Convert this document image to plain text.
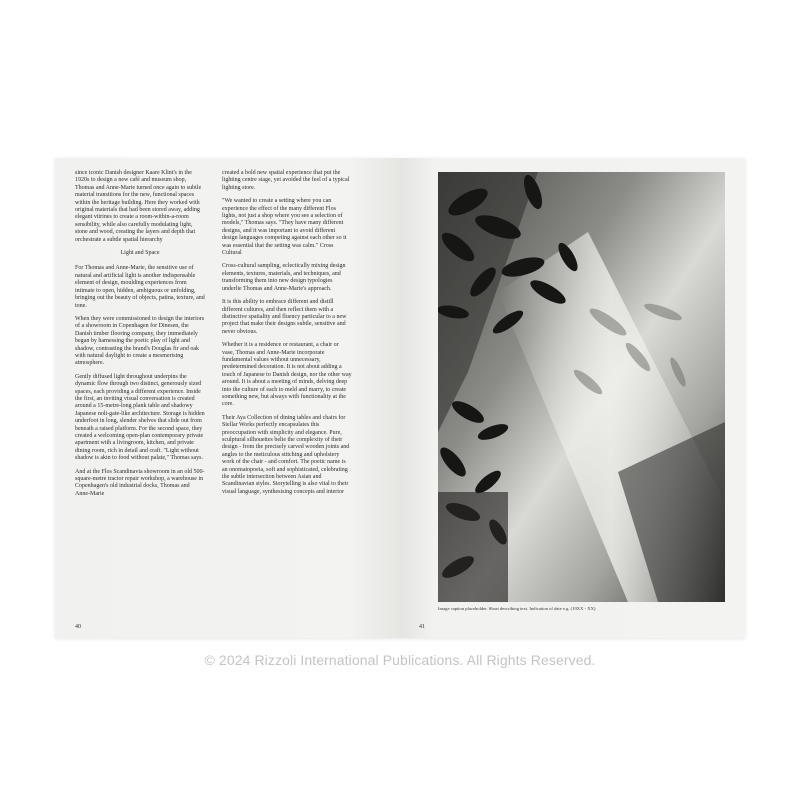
since iconic Danish designer Kaare Klint's in the 1920s to design a new café and museum shop, Thomas and Anne-Marie turned once again to subtle material transitions for the new, functional spaces within the heritage building. Here they worked with original materials that had been stored away, adding elegant vitrines to create a room-within-a-room sensibility, while also carefully modulating light, stone and wood, creating the layers and depth that orchestrate a subtle spatial hierarchy

Light and Space

For Thomas and Anne-Marie, the sensitive use of natural and artificial light is another indispensable element of design, moulding experiences from intimate to open, hidden, ambiguous or unfolding, bringing out the beauty of objects, patina, texture, and tone.

When they were commissioned to design the interiors of a showroom in Copenhagen for Dinesen, the Danish timber flooring company, they immediately began by harnessing the poetic play of light and shadow, contrasting the brand's Douglas fir and oak with natural daylight to create a mesmerising atmosphere.

Gently diffused light throughout underpins the dynamic flow through two distinct, generously sized spaces, each providing a different experience. Inside the first, an inviting visual conversation is created around a 15-metre-long plank table and shadowy Japanese noli-gate-like architecture. Storage is hidden underfoot in long, slender shelves that slide out from beneath a raised platform. For the second space, they created a welcoming open-plan contemporary private apartment with a livingroom, kitchen, and private dining room, rich in detail and craft. "Light without shadow is akin to food without palate," Thomas says.

And at the Flos Scandinavia showroom in an old 500-square-metre tractor repair workshop, a warehouse in Copenhagen's old industrial docks, Thomas and Anne-Marie

created a bold new spatial experience that put the lighting centre stage, yet avoided the feel of a typical lighting store.

"We wanted to create a setting where you can experience the effect of the many different Flos lights, not just a shop where you see a selection of models," Thomas says. "They have many different designs, and it was important to avoid different design languages competing against each other so it was essential that the setting was calm." Cross Cultural

Cross-cultural sampling, eclectically mixing design elements, textures, materials, and techniques, and transforming them into new design typologies underlie Thomas and Anne-Marie's approach.

It is this ability to embrace different and distill different cultures, and then reflect them with a distinctive spatiality and fluency particular to a new project that make their designs subtle, sensitive and never obvious.

Whether it is a residence or restaurant, a chair or vase, Thomas and Anne-Marie incorporate fundamental values without unnecessary, predetermined decoration. It is not about adding a touch of Japanese to Danish design, nor the other way around. It is about a meeting of minds, delving deep into the culture of each to meld and marry, to create something new, but always with functionality at the core.

Their Aya Collection of dining tables and chairs for Stellar Works perfectly encapsulates this preoccupation with simplicity and elegance. Pure, sculptural silhouettes belie the complexity of their design - from the precisely carved wooden joints and angles to the meticulous stitching and upholstery work of the chair - and comfort. The poetic name is an onomatopoeia, soft and sophisticated, celebrating the subtle intersection between Asian and Scandinavian styles. Storytelling is also vital to their visual language, synthesising concepts and interior

40
Image caption placeholder. Short describing text. Indication of date e.g. (19XX - XX)
41
© 2024 Rizzoli International Publications. All Rights Reserved.
